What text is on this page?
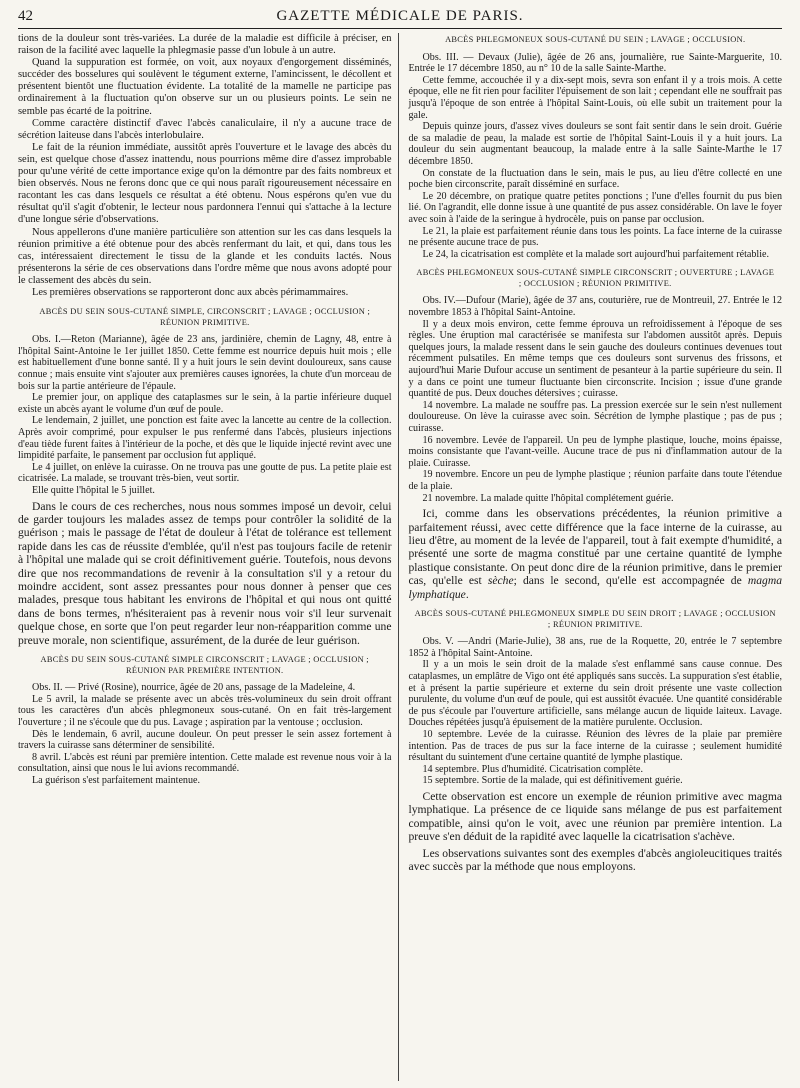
42	GAZETTE MÉDICALE DE PARIS.

tions de la douleur sont très-variées. La durée de la maladie est difficile à préciser, en raison de la facilité avec laquelle la phlegmasie passe d'un lobule à un autre.

Quand la suppuration est formée, on voit, aux noyaux d'engorgement disséminés, succéder des bosselures qui soulèvent le tégument externe, l'amincissent, le décollent et présentent bientôt une fluctuation évidente. La totalité de la mamelle ne participe pas ordinairement à la fluctuation qu'on observe sur un ou plusieurs points. Le sein ne semble pas écarté de la poitrine.

Comme caractère distinctif d'avec l'abcès canaliculaire, il n'y a aucune trace de sécrétion laiteuse dans l'abcès interlobulaire.

Le fait de la réunion immédiate, aussitôt après l'ouverture et le lavage des abcès du sein, est quelque chose d'assez inattendu, nous pourrions même dire d'assez improbable pour qu'une vérité de cette importance exige qu'on la démontre par des faits nombreux et bien observés. Nous ne ferons donc que ce qui nous paraît rigoureusement nécessaire en racontant les cas dans lesquels ce résultat a été obtenu. Nous espérons qu'en vue du résultat qu'il s'agit d'obtenir, le lecteur nous pardonnera l'ennui qui s'attache à la lecture d'une longue série d'observations.

Nous appellerons d'une manière particulière son attention sur les cas dans lesquels la réunion primitive a été obtenue pour des abcès renfermant du lait, et qui, dans tous les cas, intéressaient directement le tissu de la glande et les conduits lactés. Nous présenterons la série de ces observations dans l'ordre même que nous avons adopté pour le classement des abcès du sein.

Les premières observations se rapporteront donc aux abcès périmammaires.

ABCÈS DU SEIN SOUS-CUTANÉ SIMPLE, CIRCONSCRIT ; LAVAGE ; OCCLUSION ; RÉUNION PRIMITIVE.

Obs. I.—Reton (Marianne), âgée de 23 ans, jardinière, chemin de Lagny, 48, entre à l'hôpital Saint-Antoine le 1er juillet 1850. Cette femme est nourrice depuis huit mois ; elle est habituellement d'une bonne santé. Il y a huit jours le sein devint douloureux, sans cause connue ; mais ensuite vint s'ajouter aux premières causes ignorées, la chute d'un morceau de bois sur la partie antérieure de l'épaule.

Le premier jour, on applique des cataplasmes sur le sein, à la partie inférieure duquel existe un abcès ayant le volume d'un œuf de poule.

Le lendemain, 2 juillet, une ponction est faite avec la lancette au centre de la collection. Après avoir comprimé, pour expulser le pus renfermé dans l'abcès, plusieurs injections d'eau tiède furent faites à l'intérieur de la poche, et dès que le liquide injecté revint avec une limpidité parfaite, le pansement par occlusion fut appliqué.

Le 4 juillet, on enlève la cuirasse. On ne trouva pas une goutte de pus. La petite plaie est cicatrisée. La malade, se trouvant très-bien, veut sortir.

Elle quitte l'hôpital le 5 juillet.

Dans le cours de ces recherches, nous nous sommes imposé un devoir, celui de garder toujours les malades assez de temps pour contrôler la solidité de la guérison ; mais le passage de l'état de douleur à l'état de tolérance est tellement rapide dans les cas de réussite d'emblée, qu'il n'est pas toujours facile de retenir à l'hôpital une malade qui se croit définitivement guérie. Toutefois, nous devons dire que nos recommandations de revenir à la consultation s'il y a retour du moindre accident, sont assez pressantes pour nous donner à penser que ces malades, presque tous habitant les environs de l'hôpital et qui nous ont quitté dans de bons termes, n'hésiteraient pas à revenir nous voir s'il leur survenait quelque chose, en sorte que l'on peut regarder leur non-réapparition comme une preuve morale, non scientifique, assurément, de la durée de leur guérison.

ABCÈS DU SEIN SOUS-CUTANÉ SIMPLE CIRCONSCRIT ; LAVAGE ; OCCLUSION ; RÉUNION PAR PREMIÈRE INTENTION.

Obs. II. — Privé (Rosine), nourrice, âgée de 20 ans, passage de la Madeleine, 4.

Le 5 avril, la malade se présente avec un abcès très-volumineux du sein droit offrant tous les caractères d'un abcès phlegmoneux sous-cutané. On en fait très-largement l'ouverture ; il ne s'écoule que du pus. Lavage ; aspiration par la ventouse ; occlusion.

Dès le lendemain, 6 avril, aucune douleur. On peut presser le sein assez fortement à travers la cuirasse sans déterminer de sensibilité.

8 avril. L'abcès est réuni par première intention. Cette malade est revenue nous voir à la consultation, ainsi que nous le lui avions recommandé.

La guérison s'est parfaitement maintenue.

ABCÈS PHLEGMONEUX SOUS-CUTANÉ DU SEIN ; LAVAGE ; OCCLUSION.

Obs. III. — Devaux (Julie), âgée de 26 ans, journalière, rue Sainte-Marguerite, 10. Entrée le 17 décembre 1850, au n° 10 de la salle Sainte-Marthe.

Cette femme, accouchée il y a dix-sept mois, sevra son enfant il y a trois mois. A cette époque, elle ne fit rien pour faciliter l'épuisement de son lait ; cependant elle ne souffrait pas jusqu'à l'époque de son entrée à l'hôpital Saint-Louis, où elle subit un traitement pour la gale.

Depuis quinze jours, d'assez vives douleurs se sont fait sentir dans le sein droit. Guérie de sa maladie de peau, la malade est sortie de l'hôpital Saint-Louis il y a huit jours. La douleur du sein augmentant beaucoup, la malade entre à la salle Sainte-Marthe le 17 décembre 1850.

On constate de la fluctuation dans le sein, mais le pus, au lieu d'être collecté en une poche bien circonscrite, paraît disséminé en surface.

Le 20 décembre, on pratique quatre petites ponctions ; l'une d'elles fournit du pus bien lié. On l'agrandit, elle donne issue à une quantité de pus assez considérable. On lave le foyer avec soin à l'aide de la seringue à hydrocèle, puis on panse par occlusion.

Le 21, la plaie est parfaitement réunie dans tous les points. La face interne de la cuirasse ne présente aucune trace de pus.

Le 24, la cicatrisation est complète et la malade sort aujourd'hui parfaitement rétablie.

ABCÈS PHLEGMONEUX SOUS-CUTANÉ SIMPLE CIRCONSCRIT ; OUVERTURE ; LAVAGE ; OCCLUSION ; RÉUNION PRIMITIVE.

Obs. IV.—Dufour (Marie), âgée de 37 ans, couturière, rue de Montreuil, 27. Entrée le 12 novembre 1853 à l'hôpital Saint-Antoine.

Il y a deux mois environ, cette femme éprouva un refroidissement à l'époque de ses règles. Une éruption mal caractérisée se manifesta sur l'abdomen aussitôt après. Depuis quelques jours, la malade ressent dans le sein gauche des douleurs continues devenues tout récemment pulsatiles. En même temps que ces douleurs sont survenus des frissons, et aujourd'hui Marie Dufour accuse un sentiment de pesanteur à la partie supérieure du sein. Il y a dans ce point une tumeur fluctuante bien circonscrite. Incision ; issue d'une grande quantité de pus. Deux douches détersives ; cuirasse.

14 novembre. La malade ne souffre pas. La pression exercée sur le sein n'est nullement douloureuse. On lève la cuirasse avec soin. Sécrétion de lymphe plastique ; pas de pus ; cuirasse.

16 novembre. Levée de l'appareil. Un peu de lymphe plastique, louche, moins épaisse, moins consistante que l'avant-veille. Aucune trace de pus ni d'inflammation autour de la plaie. Cuirasse.

19 novembre. Encore un peu de lymphe plastique ; réunion parfaite dans toute l'étendue de la plaie.

21 novembre. La malade quitte l'hôpital complétement guérie.

Ici, comme dans les observations précédentes, la réunion primitive a parfaitement réussi, avec cette différence que la face interne de la cuirasse, au lieu d'être, au moment de la levée de l'appareil, tout à fait exempte d'humidité, a présenté une sorte de magma constitué par une certaine quantité de lymphe plastique consistante. On peut donc dire de la réunion primitive, dans le premier cas, qu'elle est sèche; dans le second, qu'elle est accompagnée de magma lymphatique.

ABCÈS SOUS-CUTANÉ PHLEGMONEUX SIMPLE DU SEIN DROIT ; LAVAGE ; OCCLUSION ; RÉUNION PRIMITIVE.

Obs. V. —Andri (Marie-Julie), 38 ans, rue de la Roquette, 20, entrée le 7 septembre 1852 à l'hôpital Saint-Antoine.

Il y a un mois le sein droit de la malade s'est enflammé sans cause connue. Des cataplasmes, un emplâtre de Vigo ont été appliqués sans succès. La suppuration s'est établie, et à présent la partie supérieure et externe du sein droit présente une vaste collection purulente, du volume d'un œuf de poule, qui est aussitôt évacuée. Une quantité considérable de pus s'écoule par l'ouverture artificielle, sans mélange aucun de liquide laiteux. Lavage. Douches répétées jusqu'à épuisement de la matière purulente. Occlusion.

10 septembre. Levée de la cuirasse. Réunion des lèvres de la plaie par première intention. Pas de traces de pus sur la face interne de la cuirasse ; seulement humidité résultant du suintement d'une certaine quantité de lymphe plastique.

14 septembre. Plus d'humidité. Cicatrisation complète.

15 septembre. Sortie de la malade, qui est définitivement guérie.

Cette observation est encore un exemple de réunion primitive avec magma lymphatique. La présence de ce liquide sans mélange de pus est parfaitement compatible, ainsi qu'on le voit, avec une réunion par première intention. La preuve s'en déduit de la rapidité avec laquelle la cicatrisation s'achève.

Les observations suivantes sont des exemples d'abcès angioleucitiques traités avec succès par la méthode que nous employons.
